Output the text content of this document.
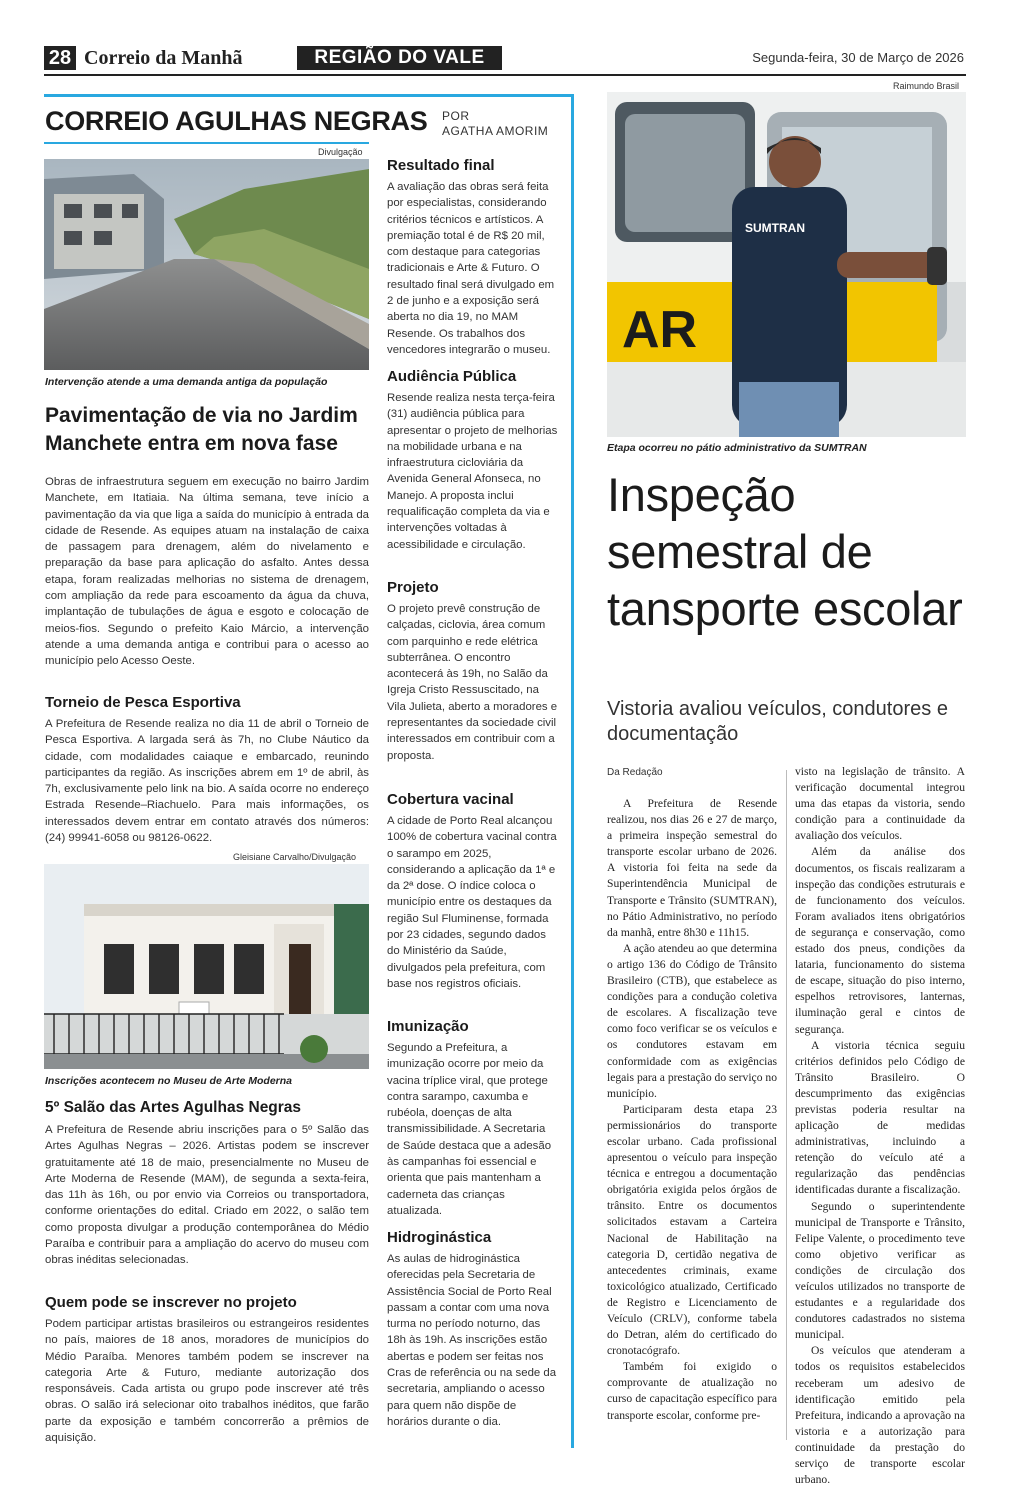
28 Correio da Manhã	REGIÃO DO VALE	Segunda-feira, 30 de Março de 2026
CORREIO AGULHAS NEGRAS POR
AGATHA AMORIM
Divulgação
Intervenção atende a uma demanda antiga da população
Pavimentação de via no Jardim Manchete entra em nova fase
Obras de infraestrutura seguem em execução no bairro Jardim Manchete, em Itatiaia. Na última semana, teve início a pavimentação da via que liga a saída do município à entrada da cidade de Resende. As equipes atuam na instalação de caixa de passagem para drenagem, além do nivelamento e preparação da base para aplicação do asfalto. Antes dessa etapa, foram realizadas melhorias no sistema de drenagem, com ampliação da rede para escoamento da água da chuva, implantação de tubulações de água e esgoto e colocação de meios-fios. Segundo o prefeito Kaio Márcio, a intervenção atende a uma demanda antiga e contribui para o acesso ao município pelo Acesso Oeste.
Torneio de Pesca Esportiva
A Prefeitura de Resende realiza no dia 11 de abril o Torneio de Pesca Esportiva. A largada será às 7h, no Clube Náutico da cidade, com modalidades caiaque e embarcado, reunindo participantes da região. As inscrições abrem em 1º de abril, às 7h, exclusivamente pelo link na bio. A saída ocorre no endereço Estrada Resende–Riachuelo. Para mais informações, os interessados devem entrar em contato através dos números: (24) 99941-6058 ou 98126-0622.
Gleisiane Carvalho/Divulgação
Inscrições acontecem no Museu de Arte Moderna
5º Salão das Artes Agulhas Negras
A Prefeitura de Resende abriu inscrições para o 5º Salão das Artes Agulhas Negras – 2026. Artistas podem se inscrever gratuitamente até 18 de maio, presencialmente no Museu de Arte Moderna de Resende (MAM), de segunda a sexta-feira, das 11h às 16h, ou por envio via Correios ou transportadora, conforme orientações do edital. Criado em 2022, o salão tem como proposta divulgar a produção contemporânea do Médio Paraíba e contribuir para a ampliação do acervo do museu com obras inéditas selecionadas.
Quem pode se inscrever no projeto
Podem participar artistas brasileiros ou estrangeiros residentes no país, maiores de 18 anos, moradores de municípios do Médio Paraíba. Menores também podem se inscrever na categoria Arte & Futuro, mediante autorização dos responsáveis. Cada artista ou grupo pode inscrever até três obras. O salão irá selecionar oito trabalhos inéditos, que farão parte da exposição e também concorrerão a prêmios de aquisição.
Resultado final
A avaliação das obras será feita por especialistas, considerando critérios técnicos e artísticos. A premiação total é de R$ 20 mil, com destaque para categorias tradicionais e Arte & Futuro. O resultado final será divulgado em 2 de junho e a exposição será aberta no dia 19, no MAM Resende. Os trabalhos dos vencedores integrarão o museu.
Audiência Pública
Resende realiza nesta terça-feira (31) audiência pública para apresentar o projeto de melhorias na mobilidade urbana e na infraestrutura cicloviária da Avenida General Afonseca, no Manejo. A proposta inclui requalificação completa da via e intervenções voltadas à acessibilidade e circulação.
Projeto
O projeto prevê construção de calçadas, ciclovia, área comum com parquinho e rede elétrica subterrânea. O encontro acontecerá às 19h, no Salão da Igreja Cristo Ressuscitado, na Vila Julieta, aberto a moradores e representantes da sociedade civil interessados em contribuir com a proposta.
Cobertura vacinal
A cidade de Porto Real alcançou 100% de cobertura vacinal contra o sarampo em 2025, considerando a aplicação da 1ª e da 2ª dose. O índice coloca o município entre os destaques da região Sul Fluminense, formada por 23 cidades, segundo dados do Ministério da Saúde, divulgados pela prefeitura, com base nos registros oficiais.
Imunização
Segundo a Prefeitura, a imunização ocorre por meio da vacina tríplice viral, que protege contra sarampo, caxumba e rubéola, doenças de alta transmissibilidade. A Secretaria de Saúde destaca que a adesão às campanhas foi essencial e orienta que pais mantenham a caderneta das crianças atualizada.
Hidroginástica
As aulas de hidroginástica oferecidas pela Secretaria de Assistência Social de Porto Real passam a contar com uma nova turma no período noturno, das 18h às 19h. As inscrições estão abertas e podem ser feitas nos Cras de referência ou na sede da secretaria, ampliando o acesso para quem não dispõe de horários durante o dia.
Raimundo Brasil
AR
SUMTRAN
Etapa ocorreu no pátio administrativo da SUMTRAN
Inspeção semestral de tansporte escolar
Vistoria avaliou veículos, condutores e documentação
Da Redação

A Prefeitura de Resende realizou, nos dias 26 e 27 de março, a primeira inspeção semestral do transporte escolar urbano de 2026. A vistoria foi feita na sede da Superintendência Municipal de Transporte e Trânsito (SUMTRAN), no Pátio Administrativo, no período da manhã, entre 8h30 e 11h15.

A ação atendeu ao que determina o artigo 136 do Código de Trânsito Brasileiro (CTB), que estabelece as condições para a condução coletiva de escolares. A fiscalização teve como foco verificar se os veículos e os condutores estavam em conformidade com as exigências legais para a prestação do serviço no município.

Participaram desta etapa 23 permissionários do transporte escolar urbano. Cada profissional apresentou o veículo para inspeção técnica e entregou a documentação obrigatória exigida pelos órgãos de trânsito. Entre os documentos solicitados estavam a Carteira Nacional de Habilitação na categoria D, certidão negativa de antecedentes criminais, exame toxicológico atualizado, Certificado de Registro e Licenciamento de Veículo (CRLV), conforme tabela do Detran, além do certificado do cronotacógrafo.

Também foi exigido o comprovante de atualização no curso de capacitação específico para transporte escolar, conforme pre-

visto na legislação de trânsito. A verificação documental integrou uma das etapas da vistoria, sendo condição para a continuidade da avaliação dos veículos.

Além da análise dos documentos, os fiscais realizaram a inspeção das condições estruturais e de funcionamento dos veículos. Foram avaliados itens obrigatórios de segurança e conservação, como estado dos pneus, condições da lataria, funcionamento do sistema de escape, situação do piso interno, espelhos retrovisores, lanternas, iluminação geral e cintos de segurança.

A vistoria técnica seguiu critérios definidos pelo Código de Trânsito Brasileiro. O descumprimento das exigências previstas poderia resultar na aplicação de medidas administrativas, incluindo a retenção do veículo até a regularização das pendências identificadas durante a fiscalização.

Segundo o superintendente municipal de Transporte e Trânsito, Felipe Valente, o procedimento teve como objetivo verificar as condições de circulação dos veículos utilizados no transporte de estudantes e a regularidade dos condutores cadastrados no sistema municipal.

Os veículos que atenderam a todos os requisitos estabelecidos receberam um adesivo de identificação emitido pela Prefeitura, indicando a aprovação na vistoria e a autorização para continuidade da prestação do serviço de transporte escolar urbano.
